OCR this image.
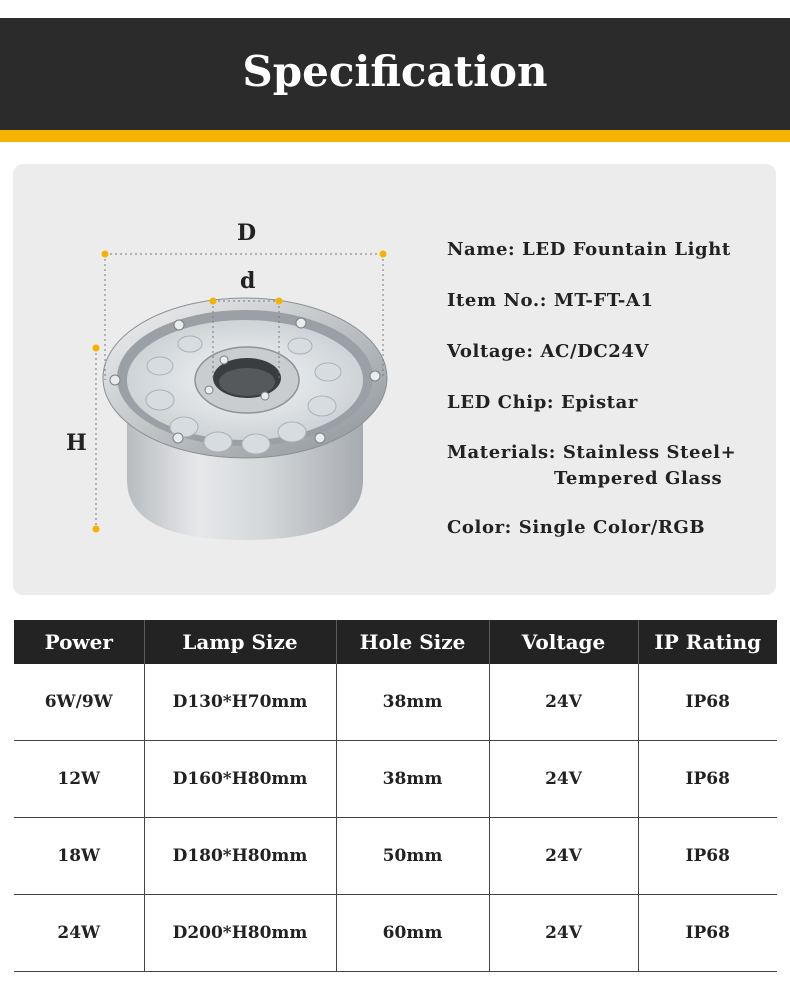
Specification
D
d
H
Name: LED Fountain Light
Item No.: MT-FT-A1
Voltage: AC/DC24V
LED Chip: Epistar
Materials: Stainless Steel+
Tempered Glass
Color: Single Color/RGB
Power	Lamp Size	Hole Size	Voltage	IP Rating
6W/9W	D130*H70mm	38mm	24V	IP68
12W	D160*H80mm	38mm	24V	IP68
18W	D180*H80mm	50mm	24V	IP68
24W	D200*H80mm	60mm	24V	IP68
